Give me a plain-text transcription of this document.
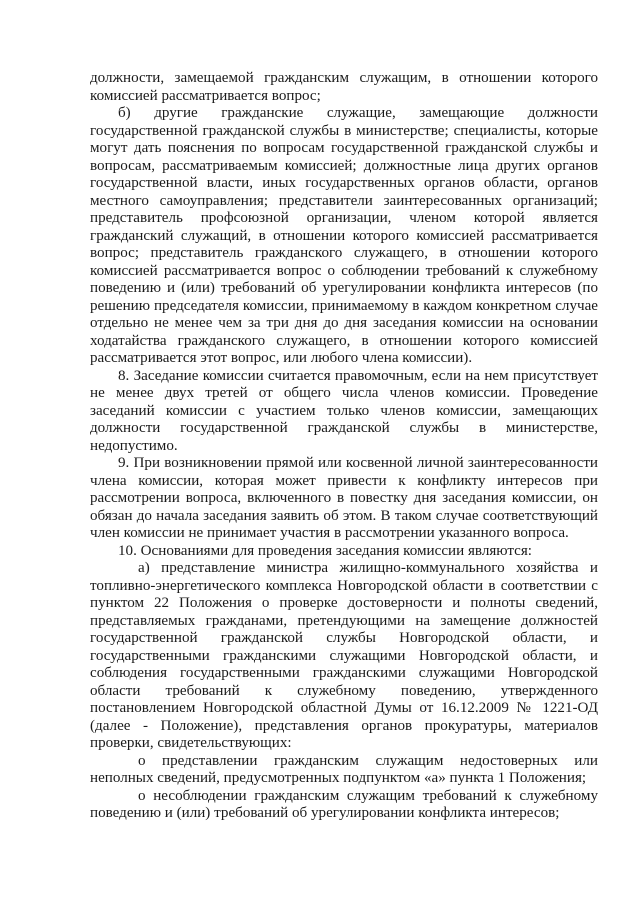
должности, замещаемой гражданским служащим, в отношении которого комиссией рассматривается вопрос;

б) другие гражданские служащие, замещающие должности государственной гражданской службы в министерстве; специалисты, которые могут дать пояснения по вопросам государственной гражданской службы и вопросам, рассматриваемым комиссией; должностные лица других органов государственной власти, иных государственных органов области, органов местного самоуправления; представители заинтересованных организаций; представитель профсоюзной организации, членом которой является гражданский служащий, в отношении которого комиссией рассматривается вопрос; представитель гражданского служащего, в отношении которого комиссией рассматривается вопрос о соблюдении требований к служебному поведению и (или) требований об урегулировании конфликта интересов (по решению председателя комиссии, принимаемому в каждом конкретном случае отдельно не менее чем за три дня до дня заседания комиссии на основании ходатайства гражданского служащего, в отношении которого комиссией рассматривается этот вопрос, или любого члена комиссии).

8. Заседание комиссии считается правомочным, если на нем присутствует не менее двух третей от общего числа членов комиссии. Проведение заседаний комиссии с участием только членов комиссии, замещающих должности государственной гражданской службы в министерстве, недопустимо.

9. При возникновении прямой или косвенной личной заинтересованности члена комиссии, которая может привести к конфликту интересов при рассмотрении вопроса, включенного в повестку дня заседания комиссии, он обязан до начала заседания заявить об этом. В таком случае соответствующий член комиссии не принимает участия в рассмотрении указанного вопроса.

10. Основаниями для проведения заседания комиссии являются:

а) представление министра жилищно-коммунального хозяйства и топливно-энергетического комплекса Новгородской области в соответствии с пунктом 22 Положения о проверке достоверности и полноты сведений, представляемых гражданами, претендующими на замещение должностей государственной гражданской службы Новгородской области, и государственными гражданскими служащими Новгородской области, и соблюдения государственными гражданскими служащими Новгородской области требований к служебному поведению, утвержденного постановлением Новгородской областной Думы от 16.12.2009 № 1221-ОД (далее - Положение), представления органов прокуратуры, материалов проверки, свидетельствующих:

о представлении гражданским служащим недостоверных или неполных сведений, предусмотренных подпунктом «а» пункта 1 Положения;

о несоблюдении гражданским служащим требований к служебному поведению и (или) требований об урегулировании конфликта интересов;
